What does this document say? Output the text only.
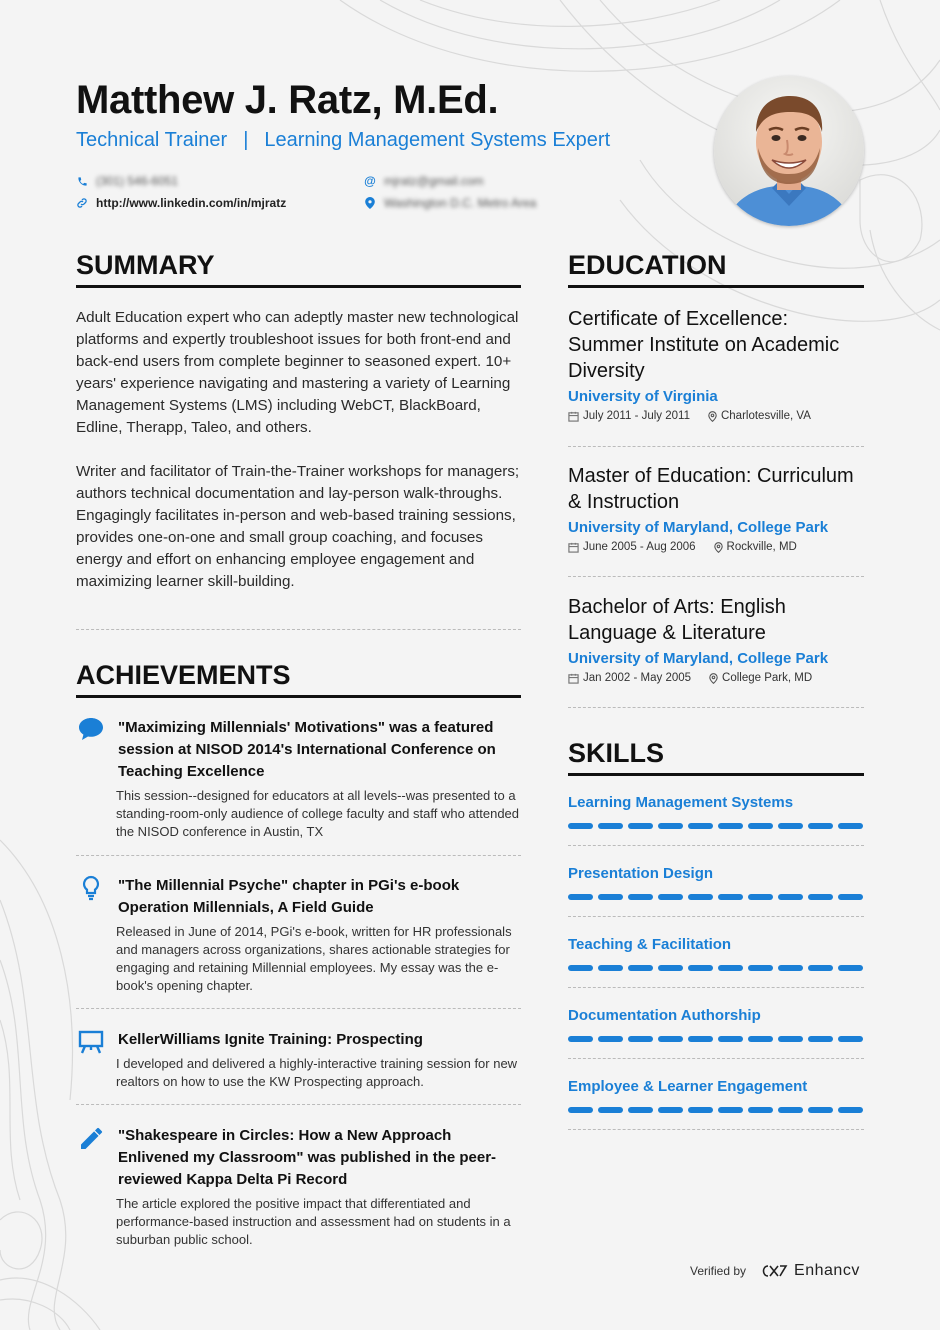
Matthew J. Ratz, M.Ed.
Technical Trainer | Learning Management Systems Expert
(301) 546-6051
http://www.linkedin.com/in/mjratz
@ mjratz@gmail.com
Washington D.C. Metro Area
SUMMARY

Adult Education expert who can adeptly master new technological platforms and expertly troubleshoot issues for both front-end and back-end users from complete beginner to seasoned expert. 10+ years' experience navigating and mastering a variety of Learning Management Systems (LMS) including WebCT, BlackBoard, Edline, Therapp, Taleo, and others.

Writer and facilitator of Train-the-Trainer workshops for managers; authors technical documentation and lay-person walk-throughs. Engagingly facilitates in-person and web-based training sessions, provides one-on-one and small group coaching, and focuses energy and effort on enhancing employee engagement and maximizing learner skill-building.

ACHIEVEMENTS
"Maximizing Millennials' Motivations" was a featured session at NISOD 2014's International Conference on Teaching Excellence
This session--designed for educators at all levels--was presented to a standing-room-only audience of college faculty and staff who attended the NISOD conference in Austin, TX
"The Millennial Psyche" chapter in PGi's e-book Operation Millennials, A Field Guide
Released in June of 2014, PGi's e-book, written for HR professionals and managers across organizations, shares actionable strategies for engaging and retaining Millennial employees. My essay was the e-book's opening chapter.
KellerWilliams Ignite Training: Prospecting
I developed and delivered a highly-interactive training session for new realtors on how to use the KW Prospecting approach.
"Shakespeare in Circles: How a New Approach Enlivened my Classroom" was published in the peer-reviewed Kappa Delta Pi Record
The article explored the positive impact that differentiated and performance-based instruction and assessment had on students in a suburban public school.
EDUCATION
Certificate of Excellence: Summer Institute on Academic Diversity
University of Virginia
July 2011 - July 2011	Charlotesville, VA
Master of Education: Curriculum & Instruction
University of Maryland, College Park
June 2005 - Aug 2006	Rockville, MD
Bachelor of Arts: English Language & Literature
University of Maryland, College Park
Jan 2002 - May 2005	College Park, MD
SKILLS
Learning Management Systems
Presentation Design
Teaching & Facilitation
Documentation Authorship
Employee & Learner Engagement
Verified by	Enhancv
